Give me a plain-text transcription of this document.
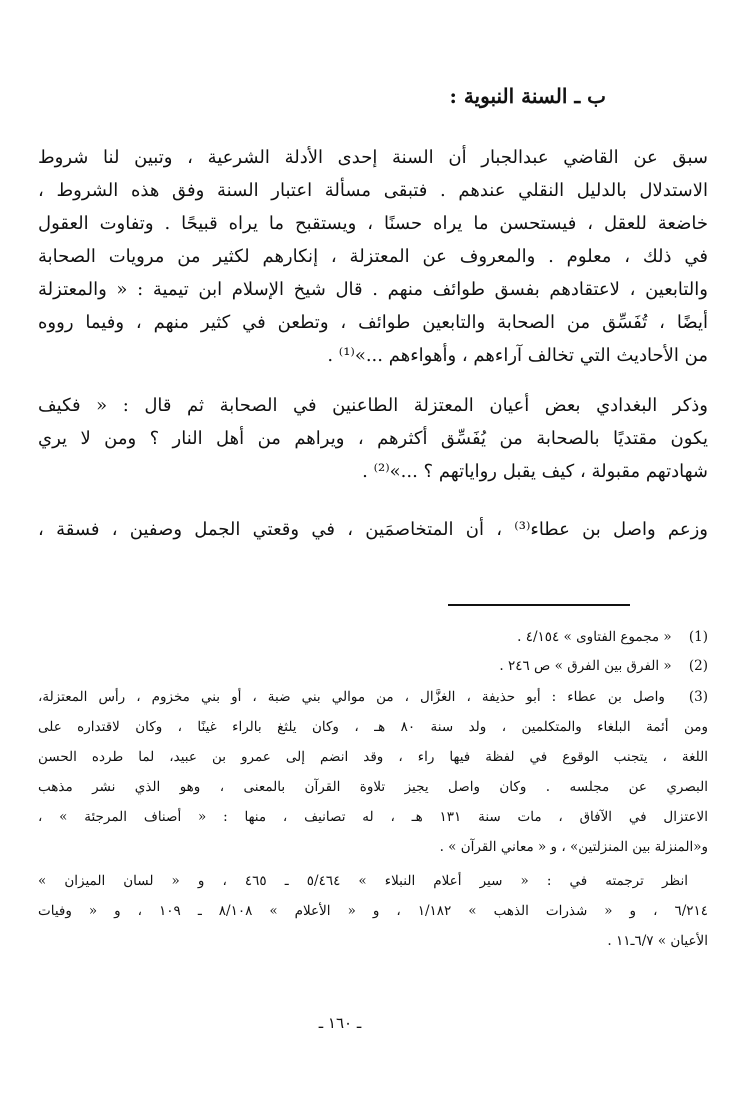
ب ـ السنة النبوية :
سبق عن القاضي عبدالجبار أن السنة إحدى الأدلة الشرعية ، وتبين لنا شروط
الاستدلال بالدليل النقلي عندهم . فتبقى مسألة اعتبار السنة وفق هذه الشروط ،
خاضعة للعقل ، فيستحسن ما يراه حسنًا ، ويستقبح ما يراه قبيحًا . وتفاوت العقول
في ذلك ، معلوم . والمعروف عن المعتزلة ، إنكارهم لكثير من مرويات الصحابة
والتابعين ، لاعتقادهم بفسق طوائف منهم . قال شيخ الإسلام ابن تيمية : « والمعتزلة
أيضًا ، تُفَسِّق من الصحابة والتابعين طوائف ، وتطعن في كثير منهم ، وفيما رووه
من الأحاديث التي تخالف آراءهم ، وأهواءهم ...»⁽¹⁾ .
وذكر البغدادي بعض أعيان المعتزلة الطاعنين في الصحابة ثم قال : « فكيف
يكون مقتديًا بالصحابة من يُفَسِّق أكثرهم ، ويراهم من أهل النار ؟ ومن لا يري
شهادتهم مقبولة ، كيف يقبل رواياتهم ؟ ...»⁽²⁾ .
وزعم واصل بن عطاء⁽³⁾ ، أن المتخاصمَين ، في وقعتي الجمل وصفين ، فسقة ،
(1) « مجموع الفتاوى » ٤/١٥٤ .
(2) « الفرق بين الفرق » ص ٢٤٦ .
(3) واصل بن عطاء : أبو حذيفة ، الغزَّال ، من موالي بني ضبة ، أو بني مخزوم ، رأس المعتزلة،
ومن أئمة البلغاء والمتكلمين ، ولد سنة ٨٠ هـ ، وكان يلثغ بالراء غينًا ، وكان لاقتداره على
اللغة ، يتجنب الوقوع في لفظة فيها راء ، وقد انضم إلى عمرو بن عبيد، لما طرده الحسن
البصري عن مجلسه . وكان واصل يجيز تلاوة القرآن بالمعنى ، وهو الذي نشر مذهب
الاعتزال في الآفاق ، مات سنة ١٣١ هـ ، له تصانيف ، منها : « أصناف المرجئة » ،
و«المنزلة بين المنزلتين» ، و « معاني القرآن » .
انظر ترجمته في : « سير أعلام النبلاء » ٥/٤٦٤ ـ ٤٦٥ ، و « لسان الميزان »
٦/٢١٤ ، و « شذرات الذهب » ١/١٨٢ ، و « الأعلام » ٨/١٠٨ ـ ١٠٩ ، و « وفيات
الأعيان » ٦/٧ـ١١ .
ـ ١٦٠ ـ
